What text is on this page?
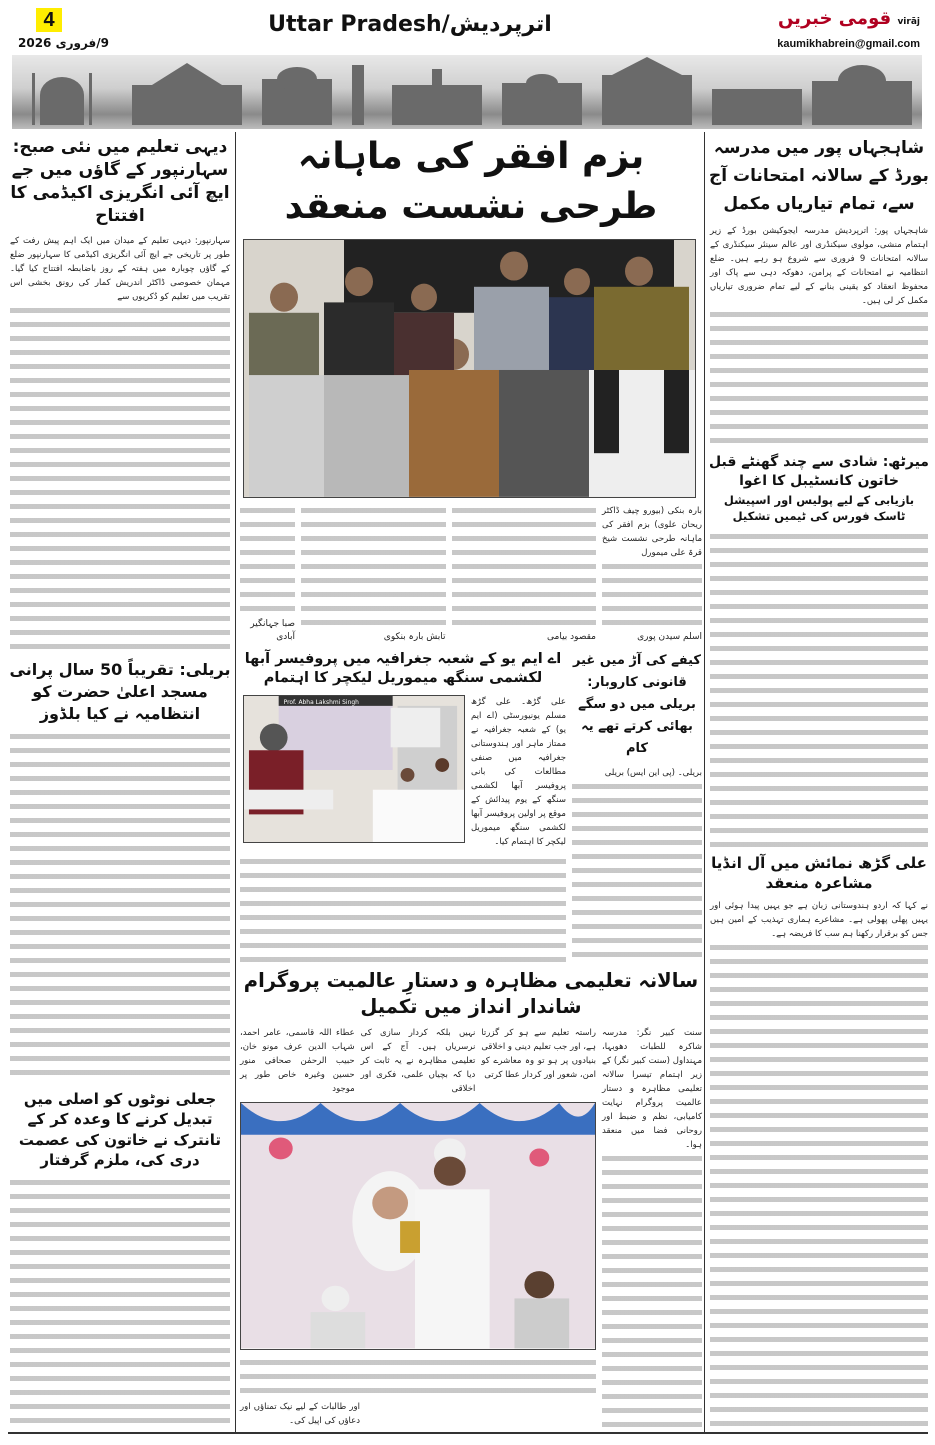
4
9/فروری 2026
Uttar Pradesh/اترپردیش	قومی خبریں virāj
kaumikhabrein@gmail.com
دیہی تعلیم میں نئی صبح: سہارنپور کے گاؤں میں جے ایچ آئی انگریزی اکیڈمی کا افتتاح
سہارنپور: دیہی تعلیم کے میدان میں ایک اہم پیش رفت کے طور پر تاریخی جے ایچ آئی انگریزی اکیڈمی کا سہارنپور ضلع کے گاؤں چوبارہ میں ہفتہ کے روز باضابطہ افتتاح کیا گیا۔ مہمان خصوصی ڈاکٹر اندریش کمار کی رونق بخشی اس تقریب میں تعلیم کو دُکریوں سے
بریلی: تقریباً 50 سال پرانی مسجد اعلیٰ حضرت کو انتظامیہ نے کیا بلڈوز
جعلی نوٹوں کو اصلی میں تبدیل کرنے کا وعدہ کر کے تانترک نے خاتون کی عصمت دری کی، ملزم گرفتار
بزم افقر کی ماہانہ طرحی نشست منعقد
صبا جہانگیر آبادی	تابش بارہ بنکوی	مقصود بیامی
بارہ بنکی (بیورو چیف ڈاکٹر ریحان علوی) بزم افقر کی ماہانہ طرحی نشست شیخ قرۃ علی میمورل
اسلم سیدن پوری
اے ایم یو کے شعبہ جغرافیہ میں پروفیسر آبھا لکشمی سنگھ میموریل لیکچر کا اہتمام
Prof. Abha Lakshmi Singh	علی گڑھ۔ علی گڑھ مسلم یونیورسٹی (اے ایم یو) کے شعبہ جغرافیہ نے ممتاز ماہر اور ہندوستانی جغرافیہ میں صنفی مطالعات کی بانی پروفیسر آبھا لکشمی سنگھ کے یوم پیدائش کے موقع پر اولین پروفیسر آبھا لکشمی سنگھ میموریل لیکچر کا اہتمام کیا۔
کیفے کی آڑ میں غیر قانونی کاروبار: بریلی میں دو سگے بھائی کرتے تھے یہ کام
بریلی۔ (پی این ایس) بریلی
سالانہ تعلیمی مظاہرہ و دستارِ عالمیت پروگرام شاندار انداز میں تکمیل
عطاء اللہ قاسمی، عامر احمد، شہاب الدین عرف مونو خان، حبیب الرحمٰن صحافی منور حسین وغیرہ خاص طور پر موجود
نہیں بلکہ کردار سازی کی نرسریاں ہیں۔ آج کے اس تعلیمی مظاہرہ نے یہ ثابت کر دیا کہ بچیاں علمی، فکری اور اخلاقی
راستہ تعلیم سے ہو کر گزرتا ہے، اور جب تعلیم دینی و اخلاقی بنیادوں پر ہو تو وہ معاشرے کو امن، شعور اور کردار عطا کرتی
اور طالبات کے لیے نیک تمناؤں اور دعاؤں کی اپیل کی۔
سنت کبیر نگر: مدرسہ شاکرہ للطبات دھوبہا، مہنداول (سنت کبیر نگر) کے زیر اہتمام تیسرا سالانہ تعلیمی مظاہرہ و دستار عالمیت پروگرام نہایت کامیابی، نظم و ضبط اور روحانی فضا میں منعقد ہوا۔
شاہجہاں پور میں مدرسہ بورڈ کے سالانہ امتحانات آج سے، تمام تیاریاں مکمل
شاہجہاں پور: اترپردیش مدرسہ ایجوکیشن بورڈ کے زیر اہتمام منشی، مولوی سیکنڈری اور عالم سینئر سیکنڈری کے سالانہ امتحانات 9 فروری سے شروع ہو رہے ہیں۔ ضلع انتظامیہ نے امتحانات کے پرامن، دھوکہ دہی سے پاک اور محفوظ انعقاد کو یقینی بنانے کے لیے تمام ضروری تیاریاں مکمل کر لی ہیں۔
میرٹھ: شادی سے چند گھنٹے قبل خاتون کانسٹیبل کا اغوا
بازیابی کے لیے پولیس اور اسپیشل ٹاسک فورس کی ٹیمیں تشکیل
علی گڑھ نمائش میں آل انڈیا مشاعرہ منعقد
نے کہا کہ اردو ہندوستانی زبان ہے جو یہیں پیدا ہوئی اور یہیں پھلی پھولی ہے۔ مشاعرے ہماری تہذیب کے امین ہیں جس کو برقرار رکھنا ہم سب کا فریضہ ہے۔
